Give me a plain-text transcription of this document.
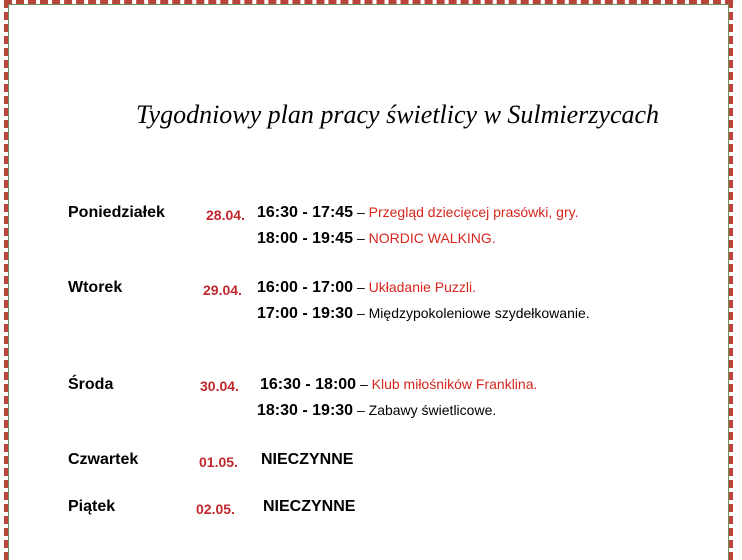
Tygodniowy plan pracy świetlicy w Sulmierzycach
Poniedziałek	28.04. 16:30 - 17:45 – Przegląd dziecięcej prasówki, gry.
18:00 - 19:45 – NORDIC WALKING.
Wtorek	29.04. 16:00 - 17:00 – Układanie Puzzli.
17:00 - 19:30 – Międzypokoleniowe szydełkowanie.
Środa	30.04. 16:30 - 18:00 – Klub miłośników Franklina.
18:30 - 19:30 – Zabawy świetlicowe.
Czwartek	01.05. NIECZYNNE
Piątek	02.05. NIECZYNNE
